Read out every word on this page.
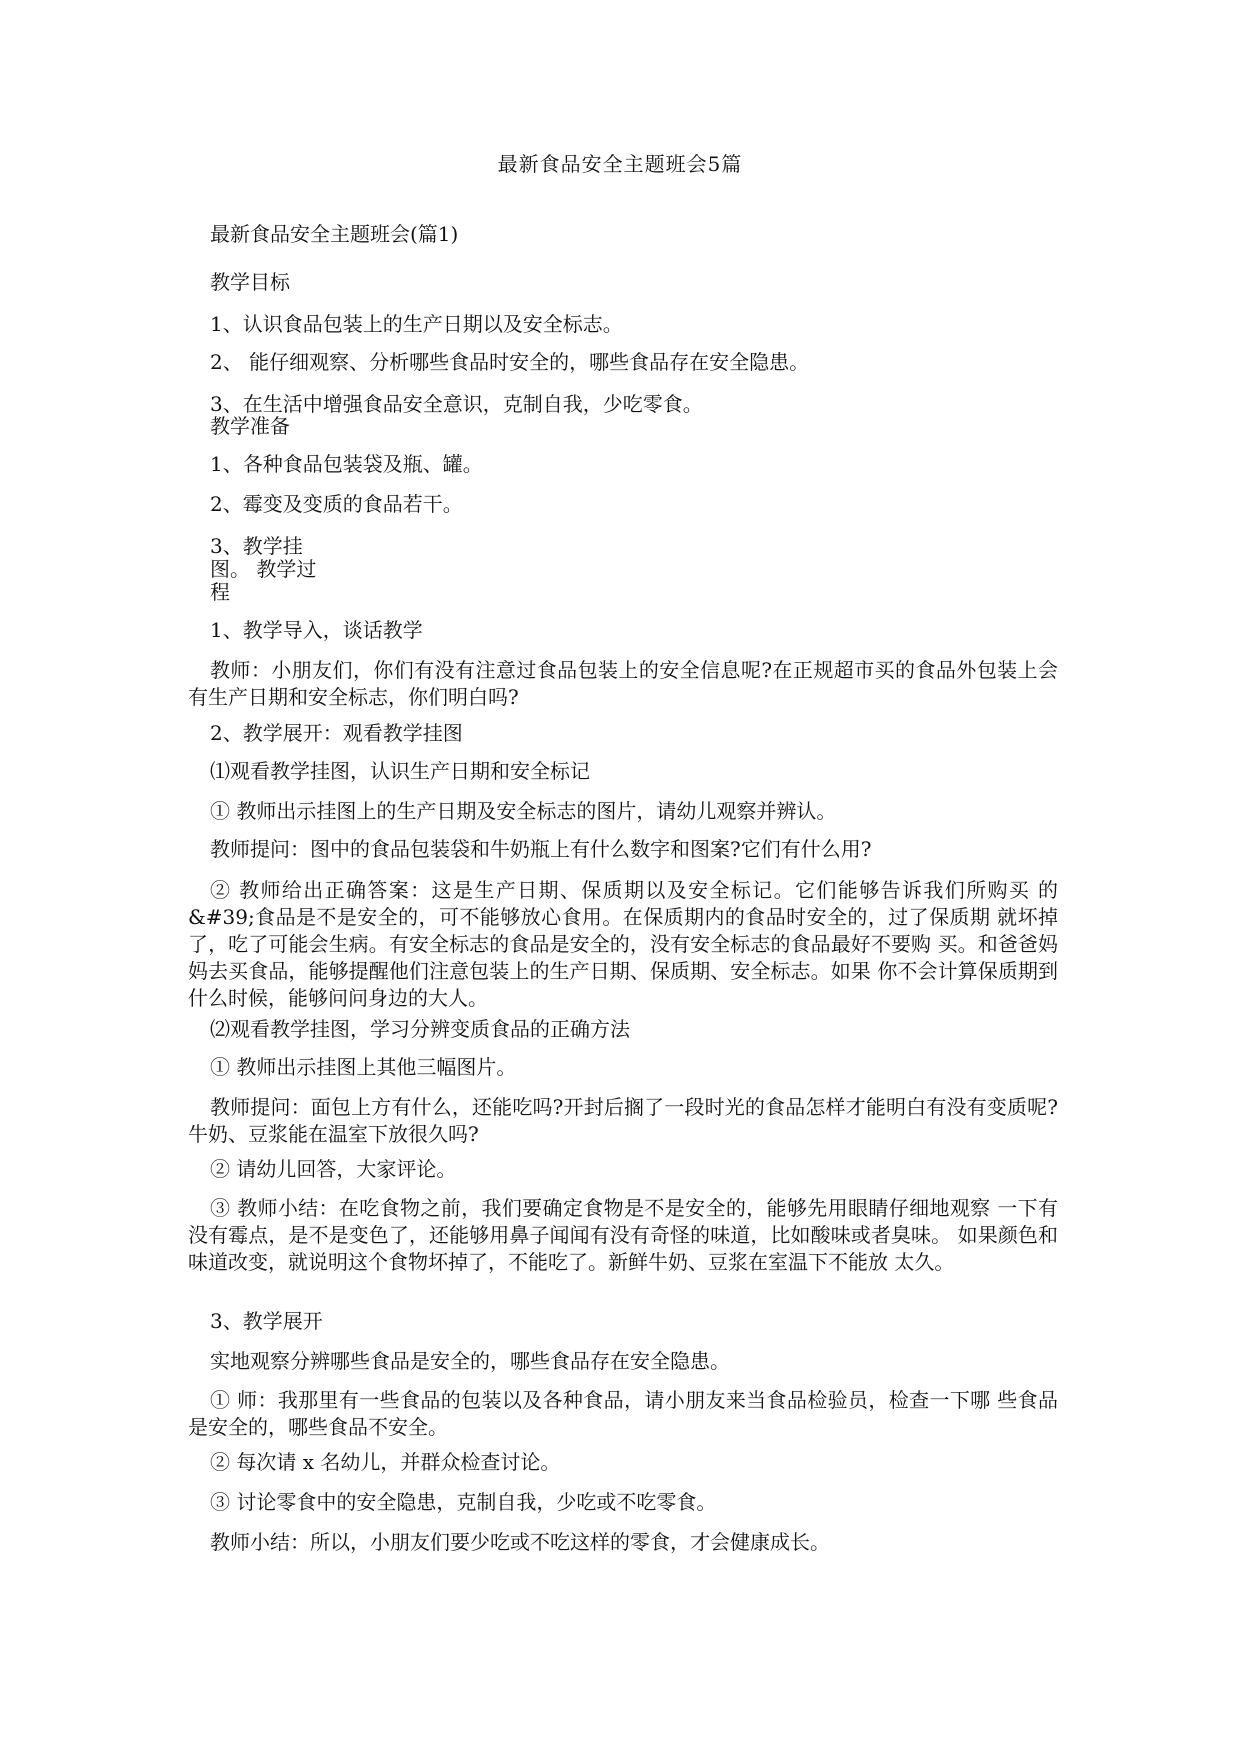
最新食品安全主题班会5篇
最新食品安全主题班会(篇1)
教学目标
1、认识食品包装上的生产日期以及安全标志。
2、 能仔细观察、分析哪些食品时安全的，哪些食品存在安全隐患。
3、在生活中增强食品安全意识，克制自我，少吃零食。
教学准备
1、各种食品包装袋及瓶、罐。
2、霉变及变质的食品若干。
3、教学挂
图。 教学过
程
1、教学导入，谈话教学
教师：小朋友们，你们有没有注意过食品包装上的安全信息呢?在正规超市买的食品外包装上会有生产日期和安全标志，你们明白吗?
2、教学展开：观看教学挂图
⑴观看教学挂图，认识生产日期和安全标记
① 教师出示挂图上的生产日期及安全标志的图片，请幼儿观察并辨认。
教师提问：图中的食品包装袋和牛奶瓶上有什么数字和图案?它们有什么用?
② 教师给出正确答案：这是生产日期、保质期以及安全标记。它们能够告诉我们所购买 的&#39;食品是不是安全的，可不能够放心食用。在保质期内的食品时安全的，过了保质期 就坏掉了，吃了可能会生病。有安全标志的食品是安全的，没有安全标志的食品最好不要购 买。和爸爸妈妈去买食品，能够提醒他们注意包装上的生产日期、保质期、安全标志。如果 你不会计算保质期到什么时候，能够问问身边的大人。
⑵观看教学挂图，学习分辨变质食品的正确方法
① 教师出示挂图上其他三幅图片。
教师提问：面包上方有什么，还能吃吗?开封后搁了一段时光的食品怎样才能明白有没有变质呢?牛奶、豆浆能在温室下放很久吗?
② 请幼儿回答，大家评论。
③ 教师小结：在吃食物之前，我们要确定食物是不是安全的，能够先用眼睛仔细地观察 一下有没有霉点，是不是变色了，还能够用鼻子闻闻有没有奇怪的味道，比如酸味或者臭味。 如果颜色和味道改变，就说明这个食物坏掉了，不能吃了。新鲜牛奶、豆浆在室温下不能放 太久。
3、教学展开
实地观察分辨哪些食品是安全的，哪些食品存在安全隐患。
① 师：我那里有一些食品的包装以及各种食品，请小朋友来当食品检验员，检查一下哪 些食品是安全的，哪些食品不安全。
② 每次请 x 名幼儿，并群众检查讨论。
③ 讨论零食中的安全隐患，克制自我，少吃或不吃零食。
教师小结：所以，小朋友们要少吃或不吃这样的零食，才会健康成长。
